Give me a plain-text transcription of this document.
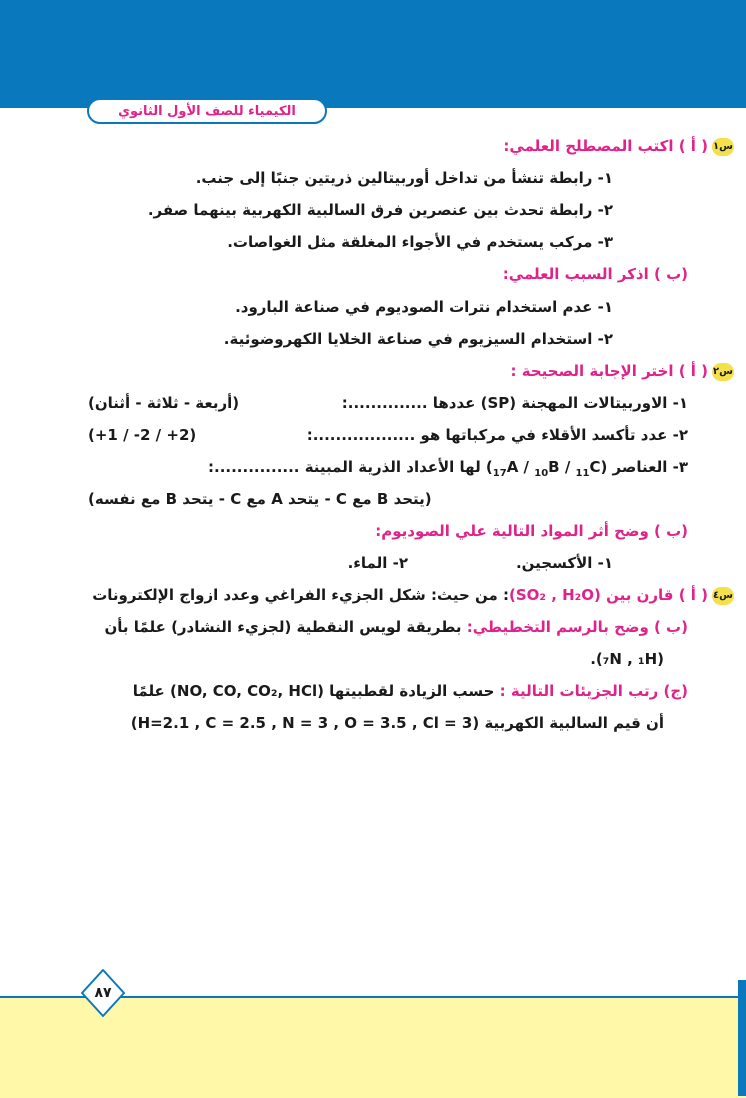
الكيمياء للصف الأول الثانوي
س١( أ ) اكتب المصطلح العلمي:
١- رابطة تنشأ من تداخل أوربيتالين ذريتين جنبًا إلى جنب.
٢- رابطة تحدث بين عنصرين فرق السالبية الكهربية بينهما صفر.
٣- مركب يستخدم في الأجواء المغلقة مثل الغواصات.
(ب ) اذكر السبب العلمي:
١- عدم استخدام نترات الصوديوم في صناعة البارود.
٢- استخدام السيزيوم في صناعة الخلايا الكهروضوئية.
س٢( أ ) اختر الإجابة الصحيحة :
١- الاوربيتالات المهجنة (SP) عددها ..............:
(أربعة - ثلاثة - أثنان)
٢- عدد تأكسد الأقلاء في مركباتها هو ..................:
(+1 / -2 / +2)
٣- العناصر $(_{17}A / _{10}B / _{11}C)$ لها الأعداد الذرية المبينة ...............:
(يتحد B مع C - يتحد A مع C - يتحد B مع نفسه)
(ب ) وضح أثر المواد التالية علي الصوديوم:
١- الأكسجين.
٢- الماء.
س٤( أ ) قارن بين (SO₂ , H₂O): من حيث: شكل الجزيء الفراغي وعدد ازواج الإلكترونات
(ب ) وضح بالرسم التخطيطي: بطريقة لويس النقطية (لجزيء النشادر) علمًا بأن
(₇N , ₁H).
(ج) رتب الجزيئات التالية : حسب الزيادة لقطبيتها (NO, CO, CO₂, HCl) علمًا
أن قيم السالبية الكهربية (H=2.1 , C = 2.5 , N = 3 , O = 3.5 , Cl = 3)
٨٧
